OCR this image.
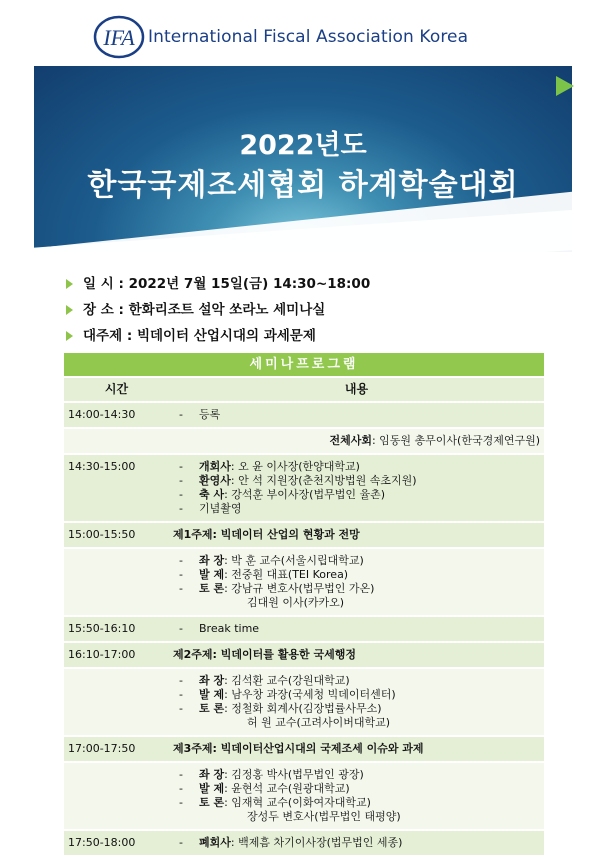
IFA International Fiscal Association Korea
2022년도
한국국제조세협회 하계학술대회
일 시 : 2022년 7월 15일(금) 14:30~18:00
장 소 : 한화리조트 설악 쏘라노 세미나실
대주제 : 빅데이터 산업시대의 과세문제
세미나프로그램	
시간	내용
14:00-14:30	- 등록

	전체사회: 임동원 총무이사(한국경제연구원)

14:30-15:00	- 개회사: 오 윤 이사장(한양대학교)
- 환영사: 안 석 지원장(춘천지방법원 속초지원)
- 축 사: 강석훈 부이사장(법무법인 율촌)
- 기념촬영

15:00-15:50	제1주제: 빅데이터 산업의 현황과 전망

	- 좌 장: 박 훈 교수(서울시립대학교)
- 발 제: 전중훤 대표(TEI Korea)
- 토 론: 강남규 변호사(법무법인 가온)
김대원 이사(카카오)

15:50-16:10	- Break time

16:10-17:00	제2주제: 빅데이터를 활용한 국세행정

	- 좌 장: 김석환 교수(강원대학교)
- 발 제: 남우창 과장(국세청 빅데이터센터)
- 토 론: 정철화 회계사(김장법률사무소)
허 원 교수(고려사이버대학교)

17:00-17:50	제3주제: 빅데이터산업시대의 국제조세 이슈와 과제

	- 좌 장: 김정홍 박사(법무법인 광장)
- 발 제: 윤현석 교수(원광대학교)
- 토 론: 임재혁 교수(이화여자대학교)
장성두 변호사(법무법인 태평양)

17:50-18:00	- 폐회사: 백제흠 차기이사장(법무법인 세종)
